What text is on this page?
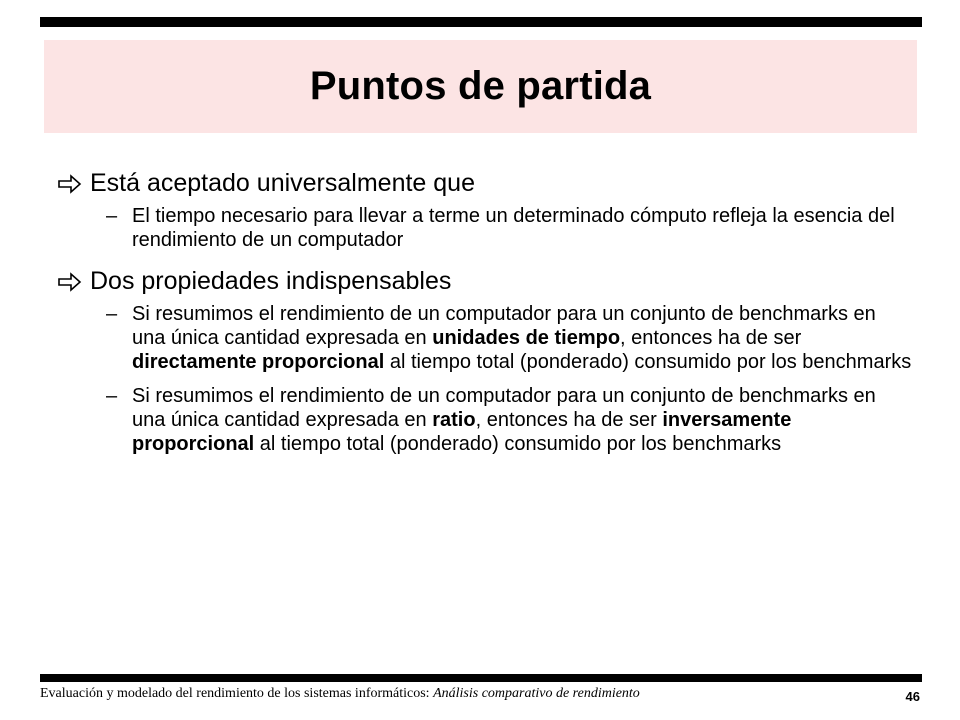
Puntos de partida
Está aceptado universalmente que
– El tiempo necesario para llevar a terme un determinado cómputo refleja la esencia del rendimiento de un computador
Dos propiedades indispensables
– Si resumimos el rendimiento de un computador para un conjunto de benchmarks en una única cantidad expresada en unidades de tiempo, entonces ha de ser directamente proporcional al tiempo total (ponderado) consumido por los benchmarks
– Si resumimos el rendimiento de un computador para un conjunto de benchmarks en una única cantidad expresada en ratio, entonces ha de ser inversamente proporcional al tiempo total (ponderado) consumido por los benchmarks
Evaluación y modelado del rendimiento de los sistemas informáticos: Análisis comparativo de rendimiento	46
